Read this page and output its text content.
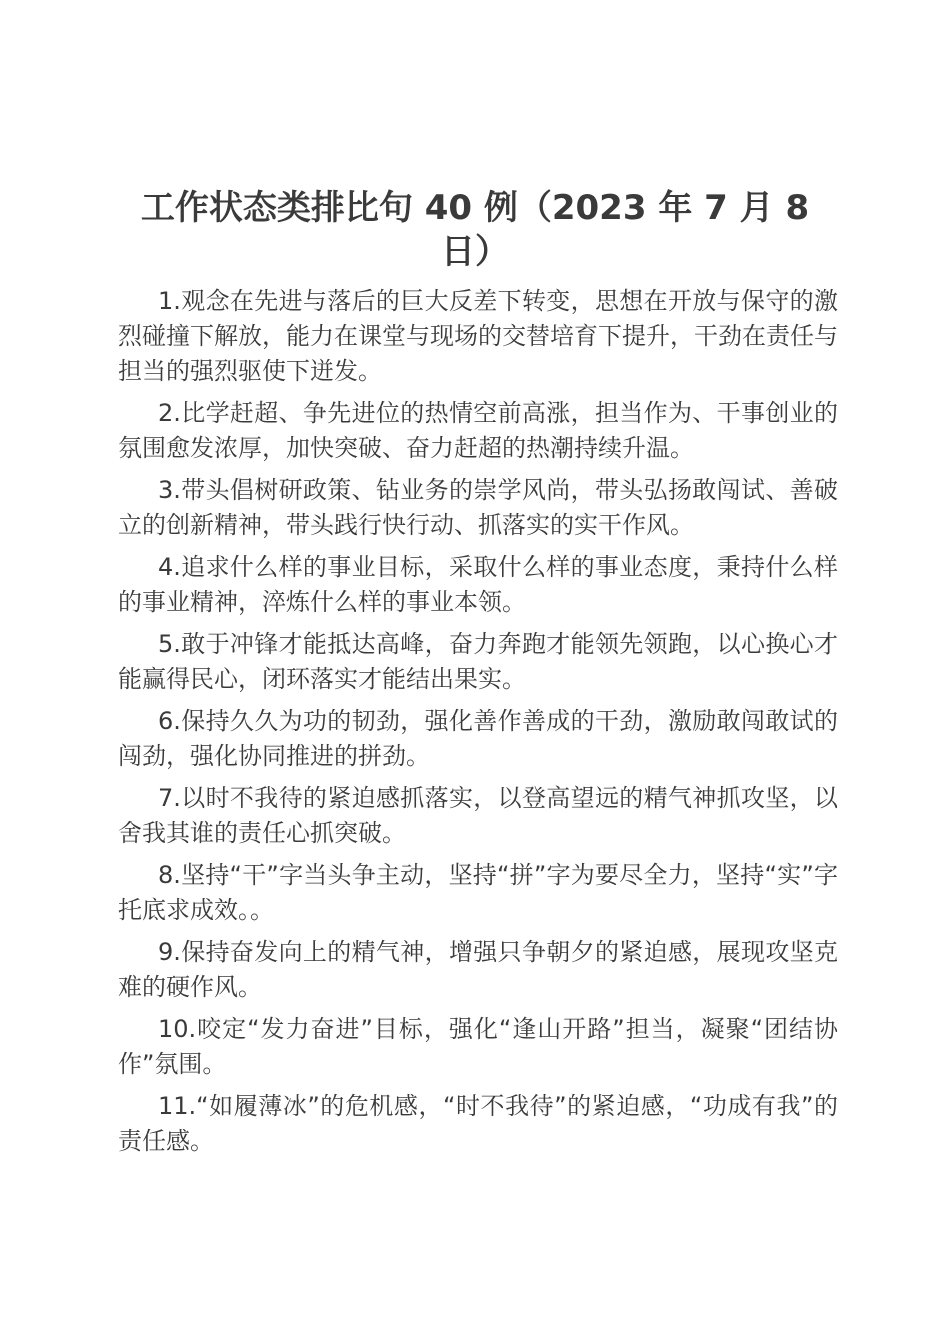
工作状态类排比句 40 例（2023 年 7 月 8 日）

1.观念在先进与落后的巨大反差下转变，思想在开放与保守的激烈碰撞下解放，能力在课堂与现场的交替培育下提升，干劲在责任与担当的强烈驱使下迸发。

2.比学赶超、争先进位的热情空前高涨，担当作为、干事创业的氛围愈发浓厚，加快突破、奋力赶超的热潮持续升温。

3.带头倡树研政策、钻业务的崇学风尚，带头弘扬敢闯试、善破立的创新精神，带头践行快行动、抓落实的实干作风。

4.追求什么样的事业目标，采取什么样的事业态度，秉持什么样的事业精神，淬炼什么样的事业本领。

5.敢于冲锋才能抵达高峰，奋力奔跑才能领先领跑，以心换心才能赢得民心，闭环落实才能结出果实。

6.保持久久为功的韧劲，强化善作善成的干劲，激励敢闯敢试的闯劲，强化协同推进的拼劲。

7.以时不我待的紧迫感抓落实，以登高望远的精气神抓攻坚，以舍我其谁的责任心抓突破。

8.坚持“干”字当头争主动，坚持“拼”字为要尽全力，坚持“实”字托底求成效。。

9.保持奋发向上的精气神，增强只争朝夕的紧迫感，展现攻坚克难的硬作风。

10.咬定“发力奋进”目标，强化“逢山开路”担当，凝聚“团结协作”氛围。

11.“如履薄冰”的危机感，“时不我待”的紧迫感，“功成有我”的责任感。
